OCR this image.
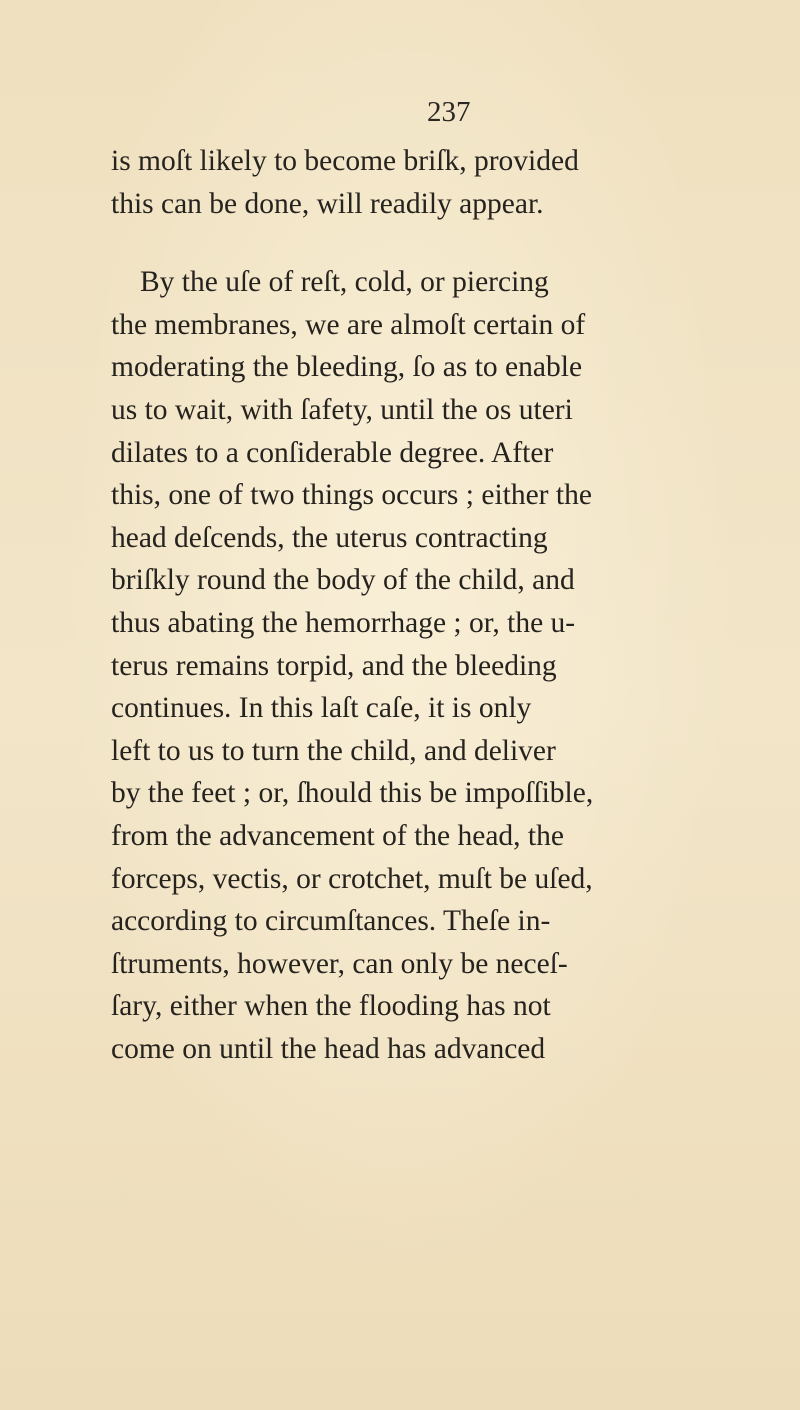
237
is moſt likely to become briſk, provided
this can be done, will readily appear.
By the uſe of reſt, cold, or piercing
the membranes, we are almoſt certain of
moderating the bleeding, ſo as to enable
us to wait, with ſafety, until the os uteri
dilates to a conſiderable degree. After
this, one of two things occurs ; either the
head deſcends, the uterus contracting
briſkly round the body of the child, and
thus abating the hemorrhage ; or, the u-
terus remains torpid, and the bleeding
continues. In this laſt caſe, it is only
left to us to turn the child, and deliver
by the feet ; or, ſhould this be impoſſible,
from the advancement of the head, the
forceps, vectis, or crotchet, muſt be uſed,
according to circumſtances. Theſe in-
ſtruments, however, can only be neceſ-
ſary, either when the flooding has not
come on until the head has advanced
